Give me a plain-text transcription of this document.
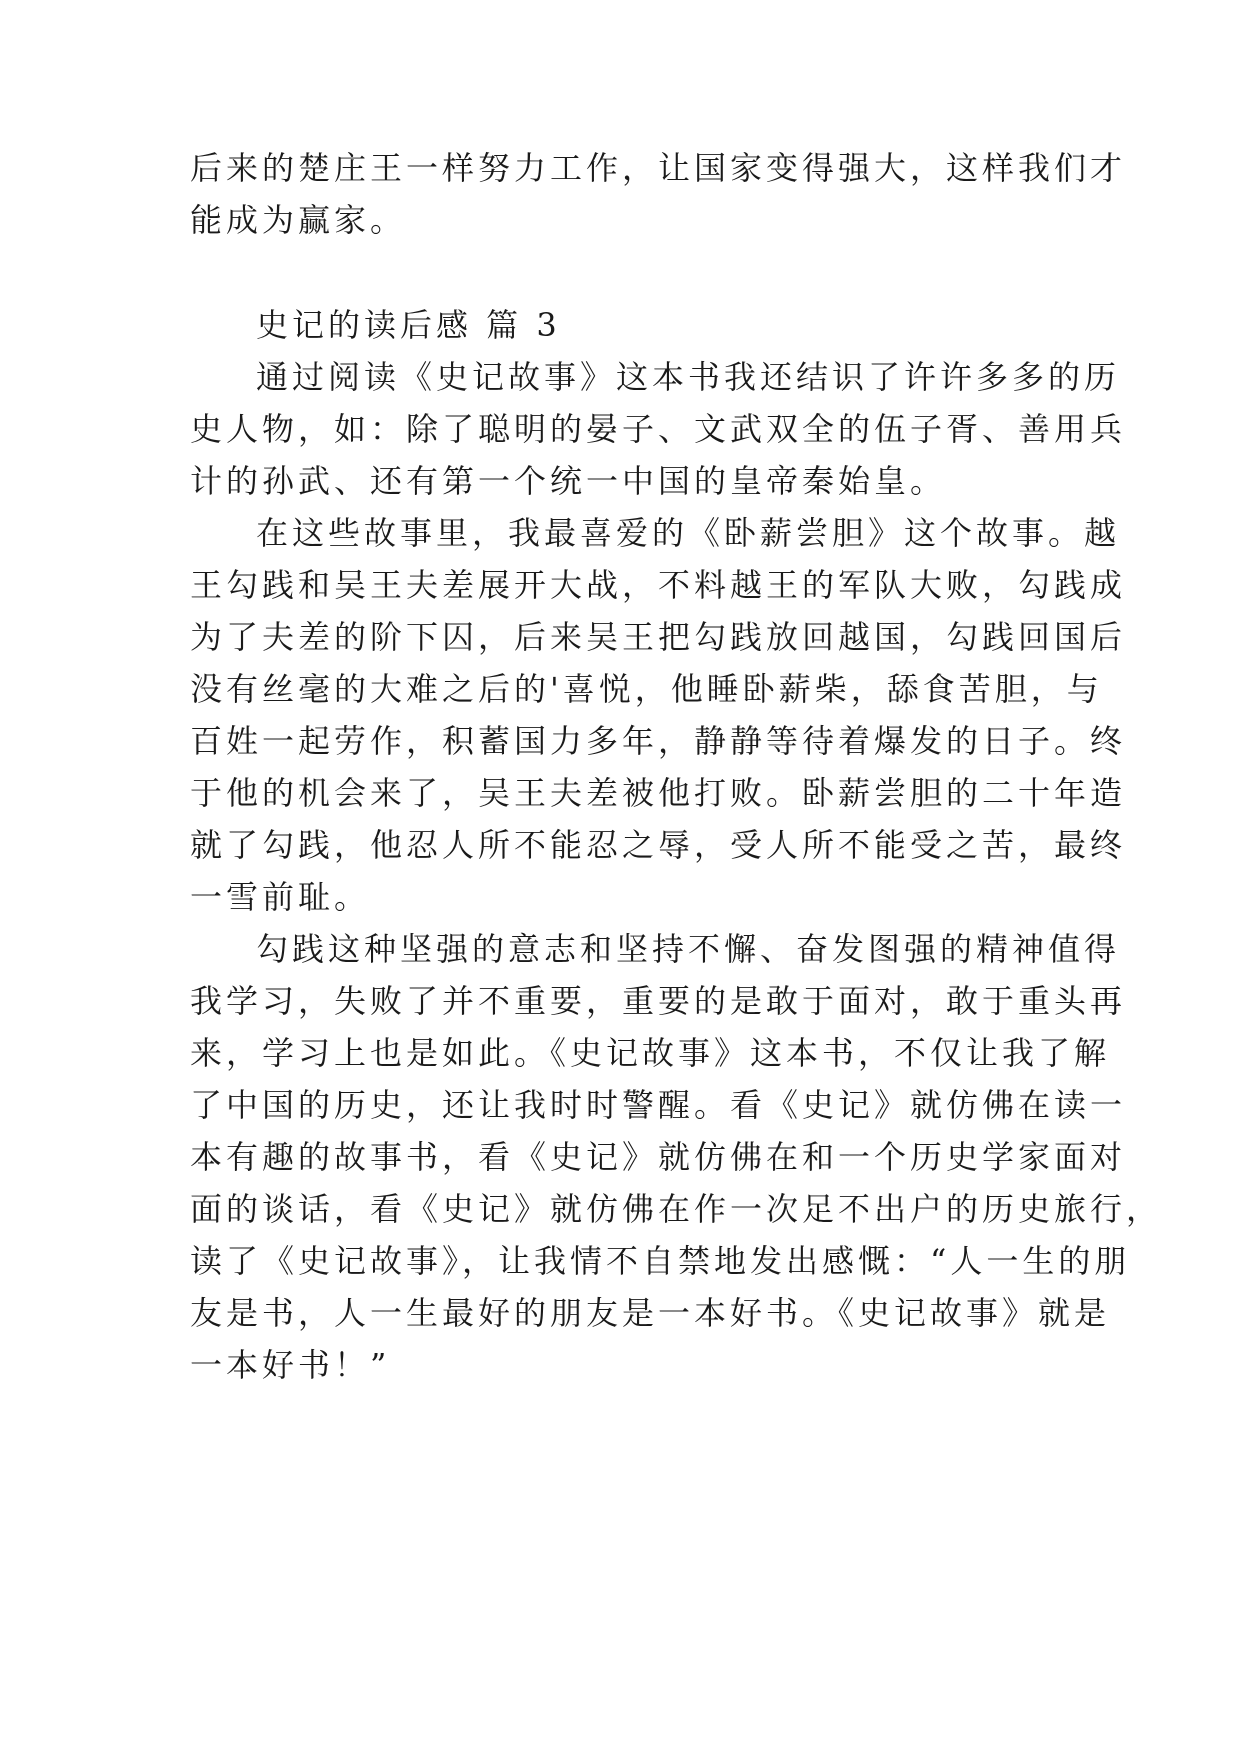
后来的楚庄王一样努力工作，让国家变得强大，这样我们才
能成为赢家。
史记的读后感 篇 3
通过阅读《史记故事》这本书我还结识了许许多多的历
史人物，如：除了聪明的晏子、文武双全的伍子胥、善用兵
计的孙武、还有第一个统一中国的皇帝秦始皇。
在这些故事里，我最喜爱的《卧薪尝胆》这个故事。越
王勾践和吴王夫差展开大战，不料越王的军队大败，勾践成
为了夫差的阶下囚，后来吴王把勾践放回越国，勾践回国后
没有丝毫的大难之后的'喜悦，他睡卧薪柴，舔食苦胆，与
百姓一起劳作，积蓄国力多年，静静等待着爆发的日子。终
于他的机会来了，吴王夫差被他打败。卧薪尝胆的二十年造
就了勾践，他忍人所不能忍之辱，受人所不能受之苦，最终
一雪前耻。
勾践这种坚强的意志和坚持不懈、奋发图强的精神值得
我学习，失败了并不重要，重要的是敢于面对，敢于重头再
来，学习上也是如此。《史记故事》这本书，不仅让我了解
了中国的历史，还让我时时警醒。看《史记》就仿佛在读一
本有趣的故事书，看《史记》就仿佛在和一个历史学家面对
面的谈话，看《史记》就仿佛在作一次足不出户的历史旅行，
读了《史记故事》，让我情不自禁地发出感慨：“人一生的朋
友是书，人一生最好的朋友是一本好书。《史记故事》就是
一本好书！”
